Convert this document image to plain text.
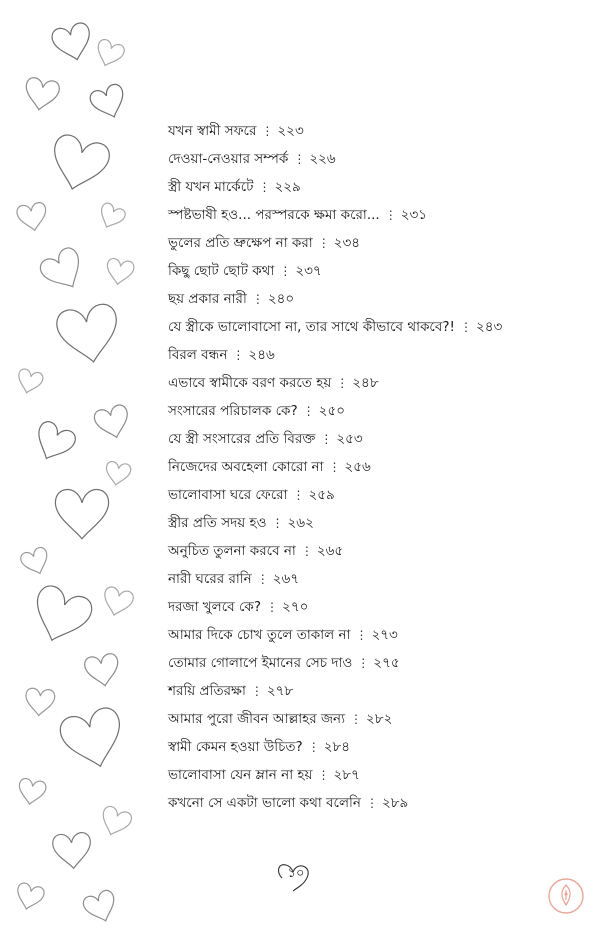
যখন স্বামী সফরে ⋮ ২২৩
দেওয়া-নেওয়ার সম্পর্ক ⋮ ২২৬
স্ত্রী যখন মার্কেটে ⋮ ২২৯
স্পষ্টভাষী হও... পরস্পরকে ক্ষমা করো... ⋮ ২৩১
ভুলের প্রতি ভ্রুক্ষেপ না করা ⋮ ২৩৪
কিছু ছোট ছোট কথা ⋮ ২৩৭
ছয় প্রকার নারী ⋮ ২৪০
যে স্ত্রীকে ভালোবাসো না, তার সাথে কীভাবে থাকবে?! ⋮ ২৪৩
বিরল বন্ধন ⋮ ২৪৬
এভাবে স্বামীকে বরণ করতে হয় ⋮ ২৪৮
সংসারের পরিচালক কে? ⋮ ২৫০
যে স্ত্রী সংসারের প্রতি বিরক্ত ⋮ ২৫৩
নিজেদের অবহেলা কোরো না ⋮ ২৫৬
ভালোবাসা ঘরে ফেরো ⋮ ২৫৯
স্ত্রীর প্রতি সদয় হও ⋮ ২৬২
অনুচিত তুলনা করবে না ⋮ ২৬৫
নারী ঘরের রানি ⋮ ২৬৭
দরজা খুলবে কে? ⋮ ২৭০
আমার দিকে চোখ তুলে তাকাল না ⋮ ২৭৩
তোমার গোলাপে ইমানের সেচ দাও ⋮ ২৭৫
শরয়ি প্রতিরক্ষা ⋮ ২৭৮
আমার পুরো জীবন আল্লাহর জন্য ⋮ ২৮২
স্বামী কেমন হওয়া উচিত? ⋮ ২৮৪
ভালোবাসা যেন ম্লান না হয় ⋮ ২৮৭
কখনো সে একটা ভালো কথা বলেনি ⋮ ২৮৯
১০
